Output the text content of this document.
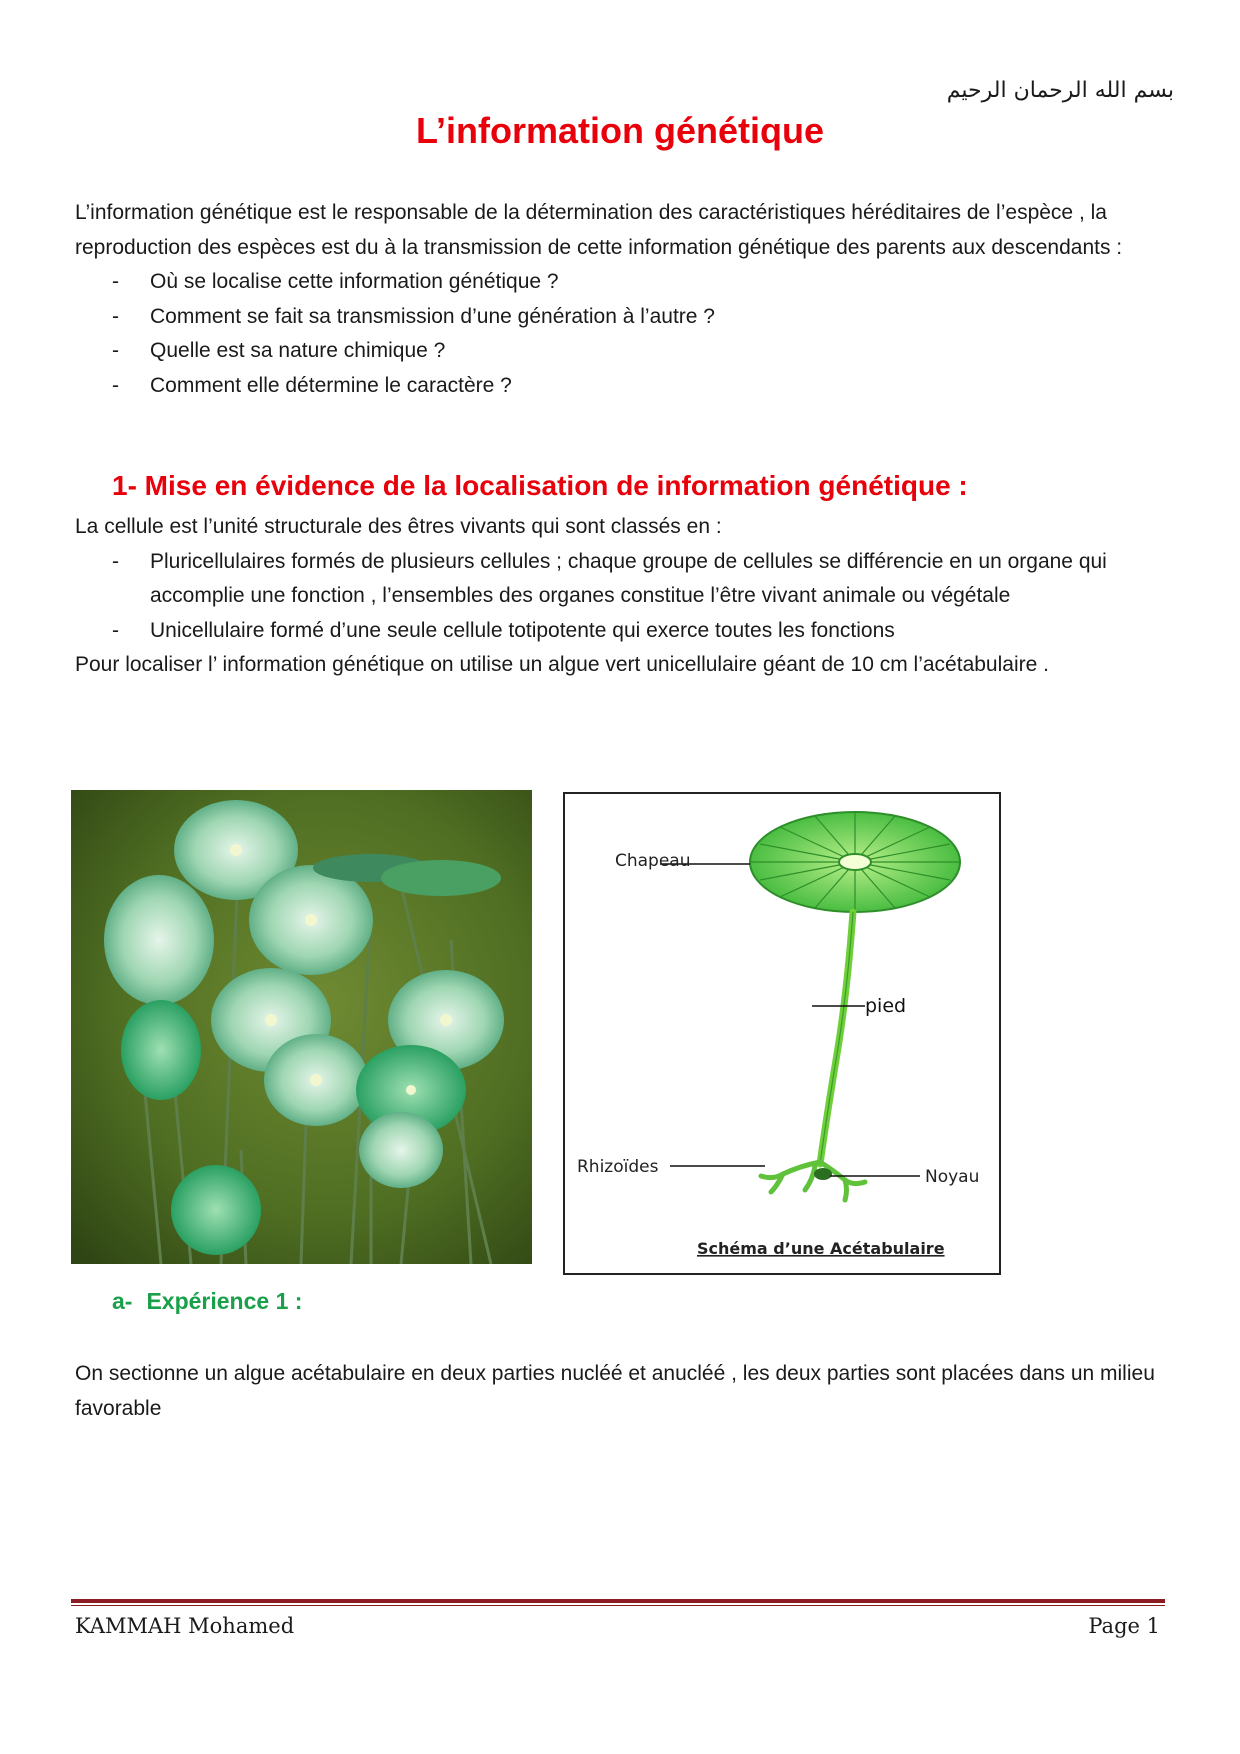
بسم الله الرحمان الرحيم
L’information génétique
L’information génétique est le responsable de la détermination des caractéristiques héréditaires de l’espèce , la reproduction des espèces est du à la transmission de cette information génétique des parents aux descendants :
- Où se localise cette information génétique ?
- Comment se fait sa transmission d’une génération à l’autre ?
- Quelle est sa nature chimique ?
- Comment elle détermine le caractère ?
1- Mise en évidence de la localisation de information génétique :
La cellule est l’unité structurale des êtres vivants qui sont classés en :
- Pluricellulaires formés de plusieurs cellules ; chaque groupe de cellules se différencie en un organe qui accomplie une fonction , l’ensembles des organes constitue l’être vivant animale ou végétale
- Unicellulaire formé d’une seule cellule totipotente qui exerce toutes les fonctions
Pour localiser l’ information génétique on utilise un algue vert unicellulaire géant de 10 cm l’acétabulaire .
Chapeau
pied
Rhizoïdes	Noyau
Schéma d’une Acétabulaire
a- Expérience 1 :
On sectionne un algue acétabulaire en deux parties nucléé et anucléé , les deux parties sont placées dans un milieu favorable
KAMMAH Mohamed	Page 1
